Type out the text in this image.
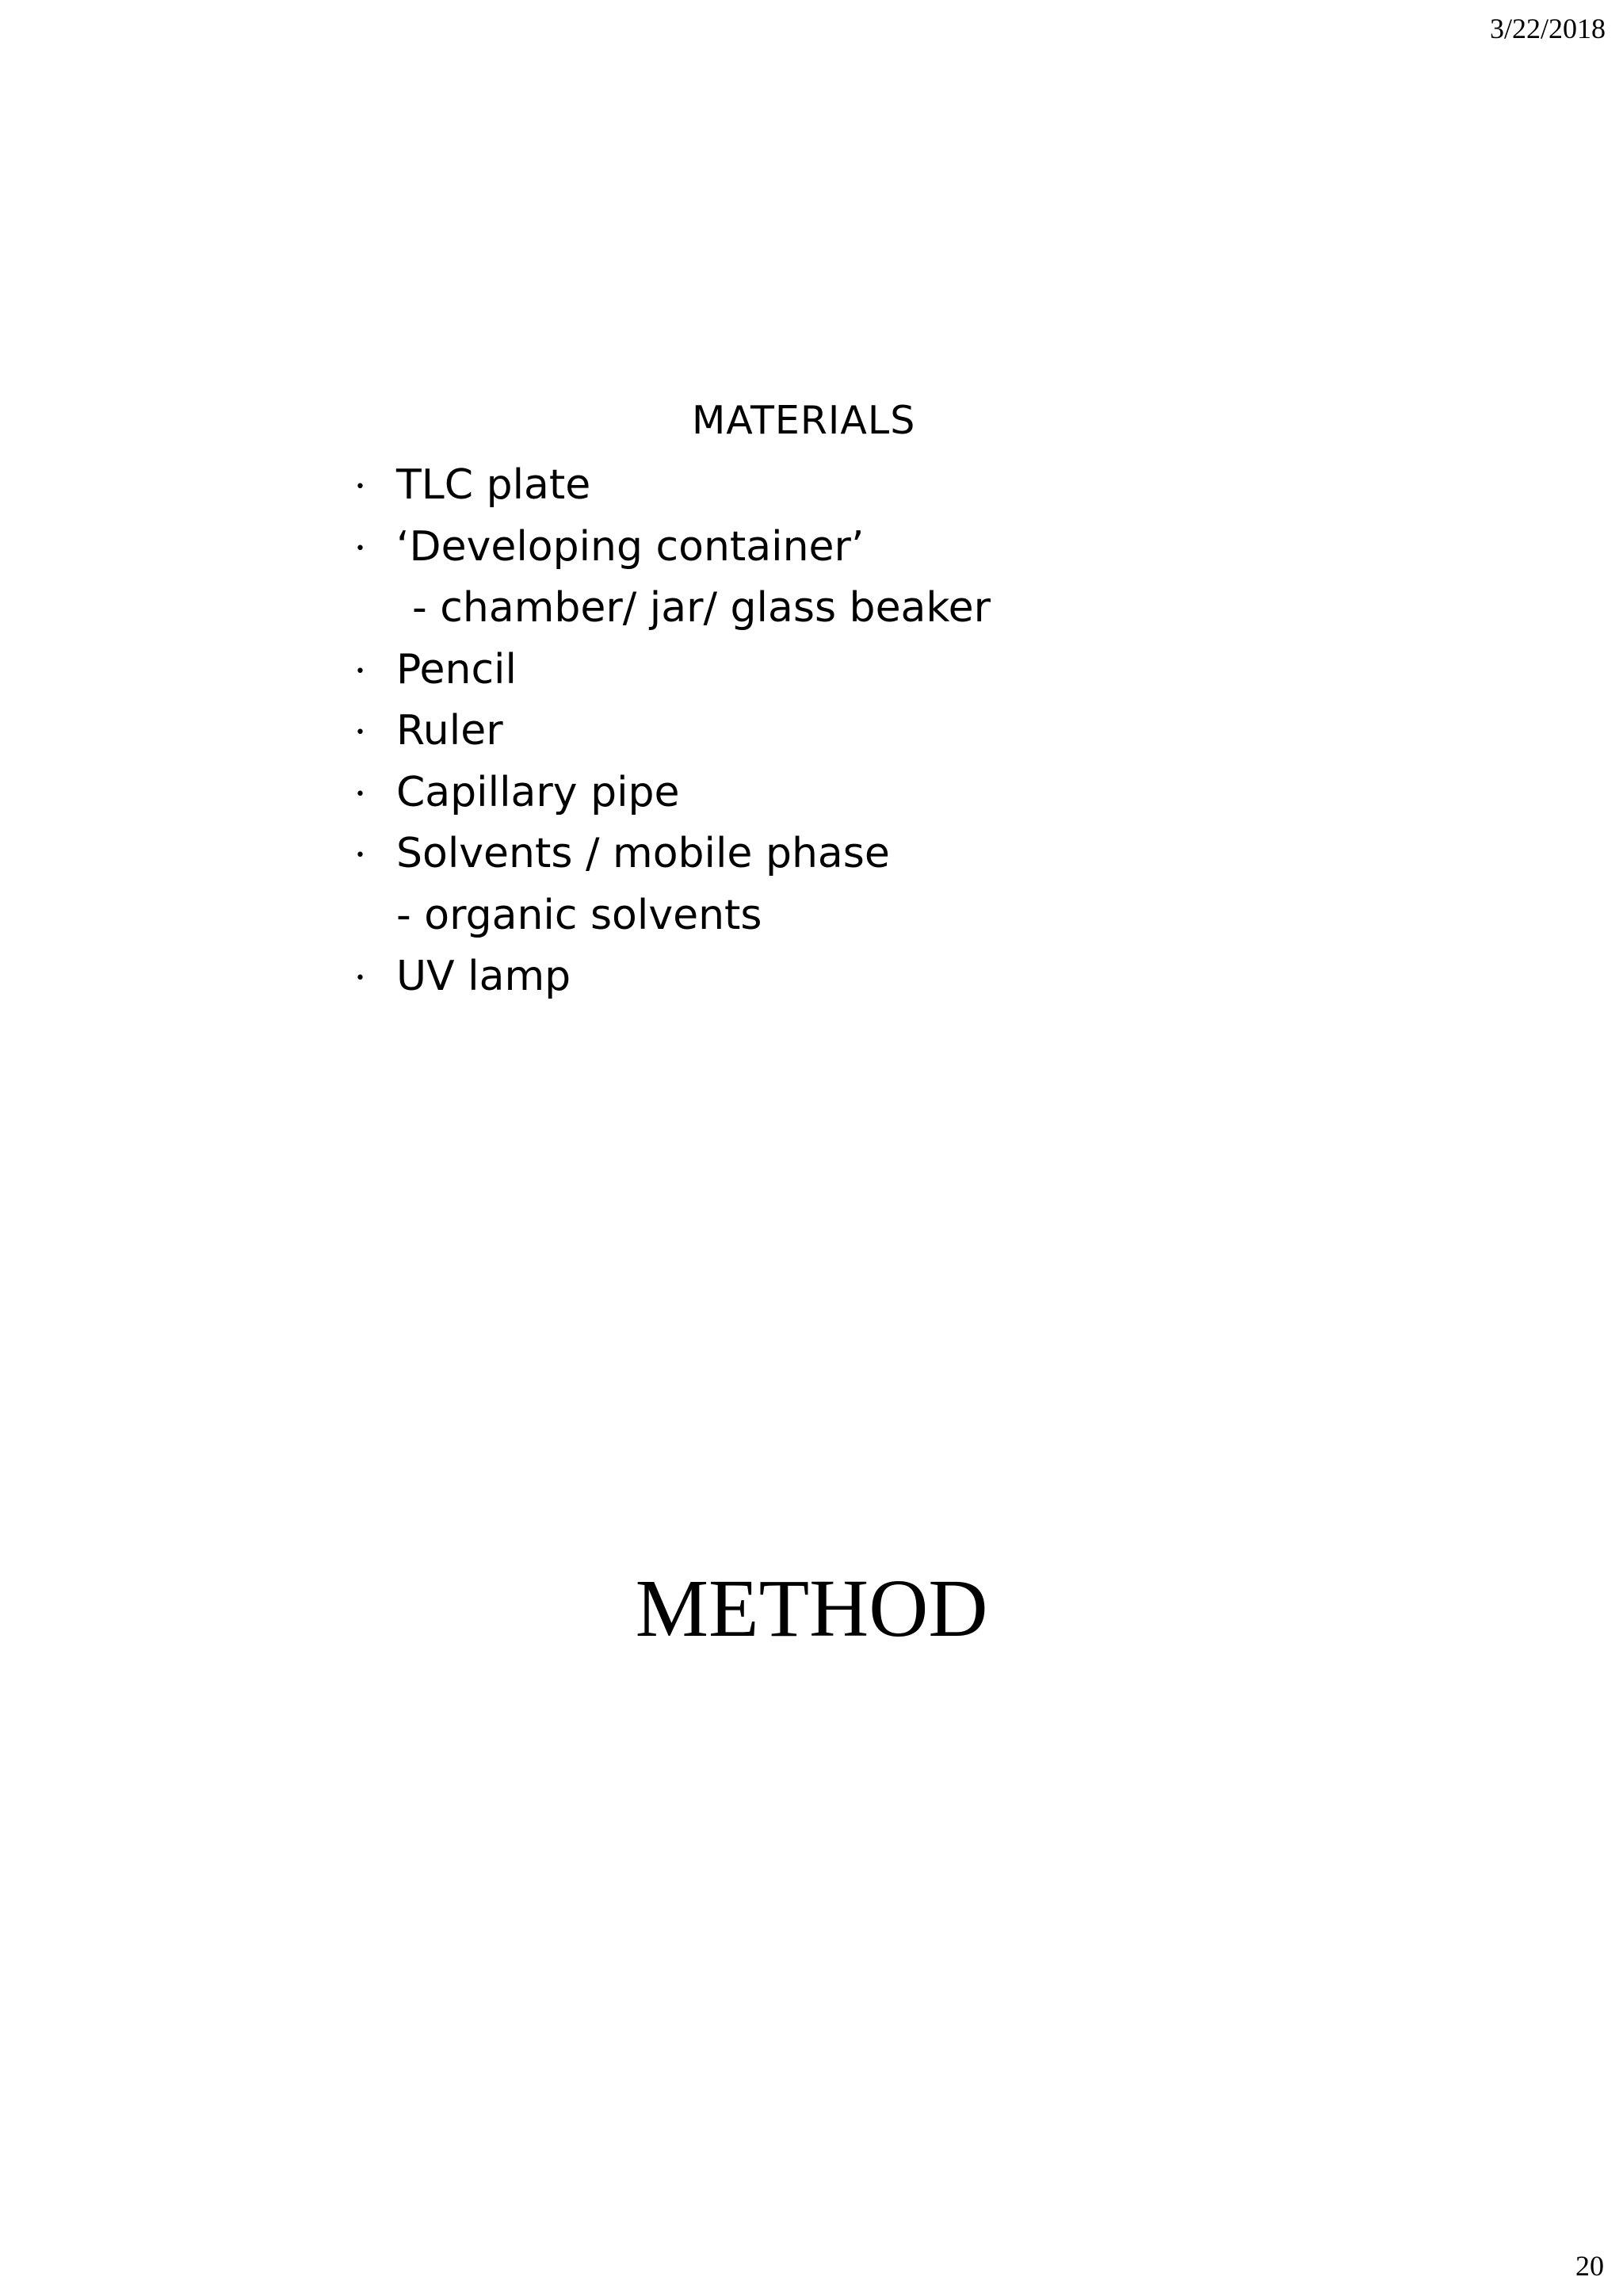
3/22/2018
MATERIALS
• TLC plate
• ‘Developing container’
- chamber/ jar/ glass beaker
• Pencil
• Ruler
• Capillary pipe
• Solvents / mobile phase
- organic solvents
• UV lamp
METHOD
20
